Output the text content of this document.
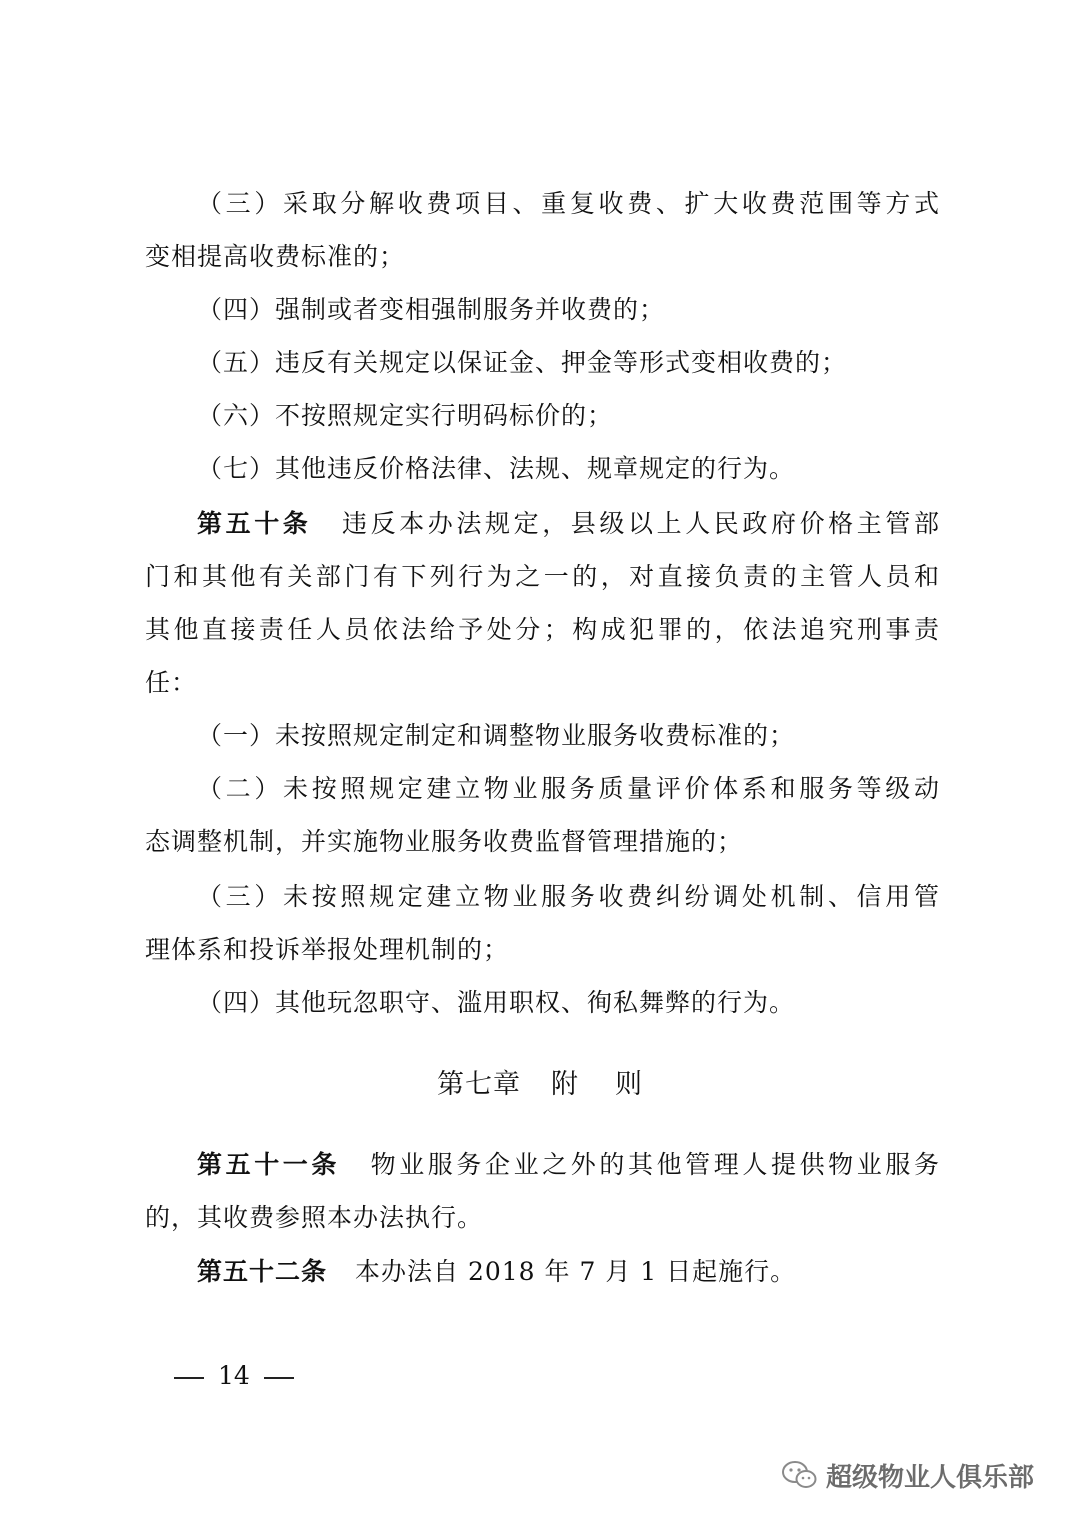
（三）采取分解收费项目、重复收费、扩大收费范围等方式
变相提高收费标准的；
（四）强制或者变相强制服务并收费的；
（五）违反有关规定以保证金、押金等形式变相收费的；
（六）不按照规定实行明码标价的；
（七）其他违反价格法律、法规、规章规定的行为。
第五十条 违反本办法规定，县级以上人民政府价格主管部
门和其他有关部门有下列行为之一的，对直接负责的主管人员和
其他直接责任人员依法给予处分；构成犯罪的，依法追究刑事责
任：
（一）未按照规定制定和调整物业服务收费标准的；
（二）未按照规定建立物业服务质量评价体系和服务等级动
态调整机制，并实施物业服务收费监督管理措施的；
（三）未按照规定建立物业服务收费纠纷调处机制、信用管
理体系和投诉举报处理机制的；
（四）其他玩忽职守、滥用职权、徇私舞弊的行为。
第七章 附 则
第五十一条 物业服务企业之外的其他管理人提供物业服务
的，其收费参照本办法执行。
第五十二条 本办法自 2018 年 7 月 1 日起施行。
14
超级物业人俱乐部
